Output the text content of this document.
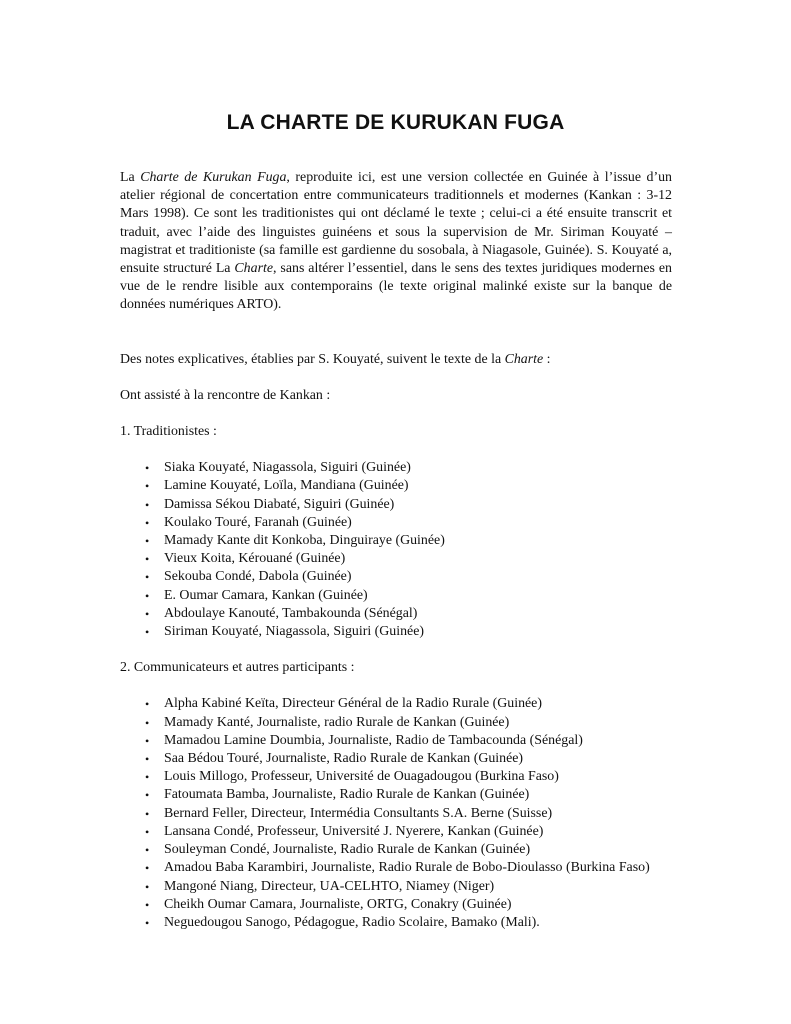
LA CHARTE DE KURUKAN FUGA

La Charte de Kurukan Fuga, reproduite ici, est une version collectée en Guinée à l’issue d’un atelier régional de concertation entre communicateurs traditionnels et modernes (Kankan : 3-12 Mars 1998). Ce sont les traditionistes qui ont déclamé le texte ; celui-ci a été ensuite transcrit et traduit, avec l’aide des linguistes guinéens et sous la supervision de Mr. Siriman Kouyaté – magistrat et traditioniste (sa famille est gardienne du sosobala, à Niagasole, Guinée). S. Kouyaté a, ensuite structuré La Charte, sans altérer l’essentiel, dans le sens des textes juridiques modernes en vue de le rendre lisible aux contemporains (le texte original malinké existe sur la banque de données numériques ARTO).

Des notes explicatives, établies par S. Kouyaté, suivent le texte de la Charte :

Ont assisté à la rencontre de Kankan :

1. Traditionistes :

• Siaka Kouyaté, Niagassola, Siguiri (Guinée)
• Lamine Kouyaté, Loïla, Mandiana (Guinée)
• Damissa Sékou Diabaté, Siguiri (Guinée)
• Koulako Touré, Faranah (Guinée)
• Mamady Kante dit Konkoba, Dinguiraye (Guinée)
• Vieux Koita, Kérouané (Guinée)
• Sekouba Condé, Dabola (Guinée)
• E. Oumar Camara, Kankan (Guinée)
• Abdoulaye Kanouté, Tambakounda (Sénégal)
• Siriman Kouyaté, Niagassola, Siguiri (Guinée)

2. Communicateurs et autres participants :

• Alpha Kabiné Keïta, Directeur Général de la Radio Rurale (Guinée)
• Mamady Kanté, Journaliste, radio Rurale de Kankan (Guinée)
• Mamadou Lamine Doumbia, Journaliste, Radio de Tambacounda (Sénégal)
• Saa Bédou Touré, Journaliste, Radio Rurale de Kankan (Guinée)
• Louis Millogo, Professeur, Université de Ouagadougou (Burkina Faso)
• Fatoumata Bamba, Journaliste, Radio Rurale de Kankan (Guinée)
• Bernard Feller, Directeur, Intermédia Consultants S.A. Berne (Suisse)
• Lansana Condé, Professeur, Université J. Nyerere, Kankan (Guinée)
• Souleyman Condé, Journaliste, Radio Rurale de Kankan (Guinée)
• Amadou Baba Karambiri, Journaliste, Radio Rurale de Bobo-Dioulasso (Burkina Faso)
• Mangoné Niang, Directeur, UA-CELHTO, Niamey (Niger)
• Cheikh Oumar Camara, Journaliste, ORTG, Conakry (Guinée)
• Neguedougou Sanogo, Pédagogue, Radio Scolaire, Bamako (Mali).
